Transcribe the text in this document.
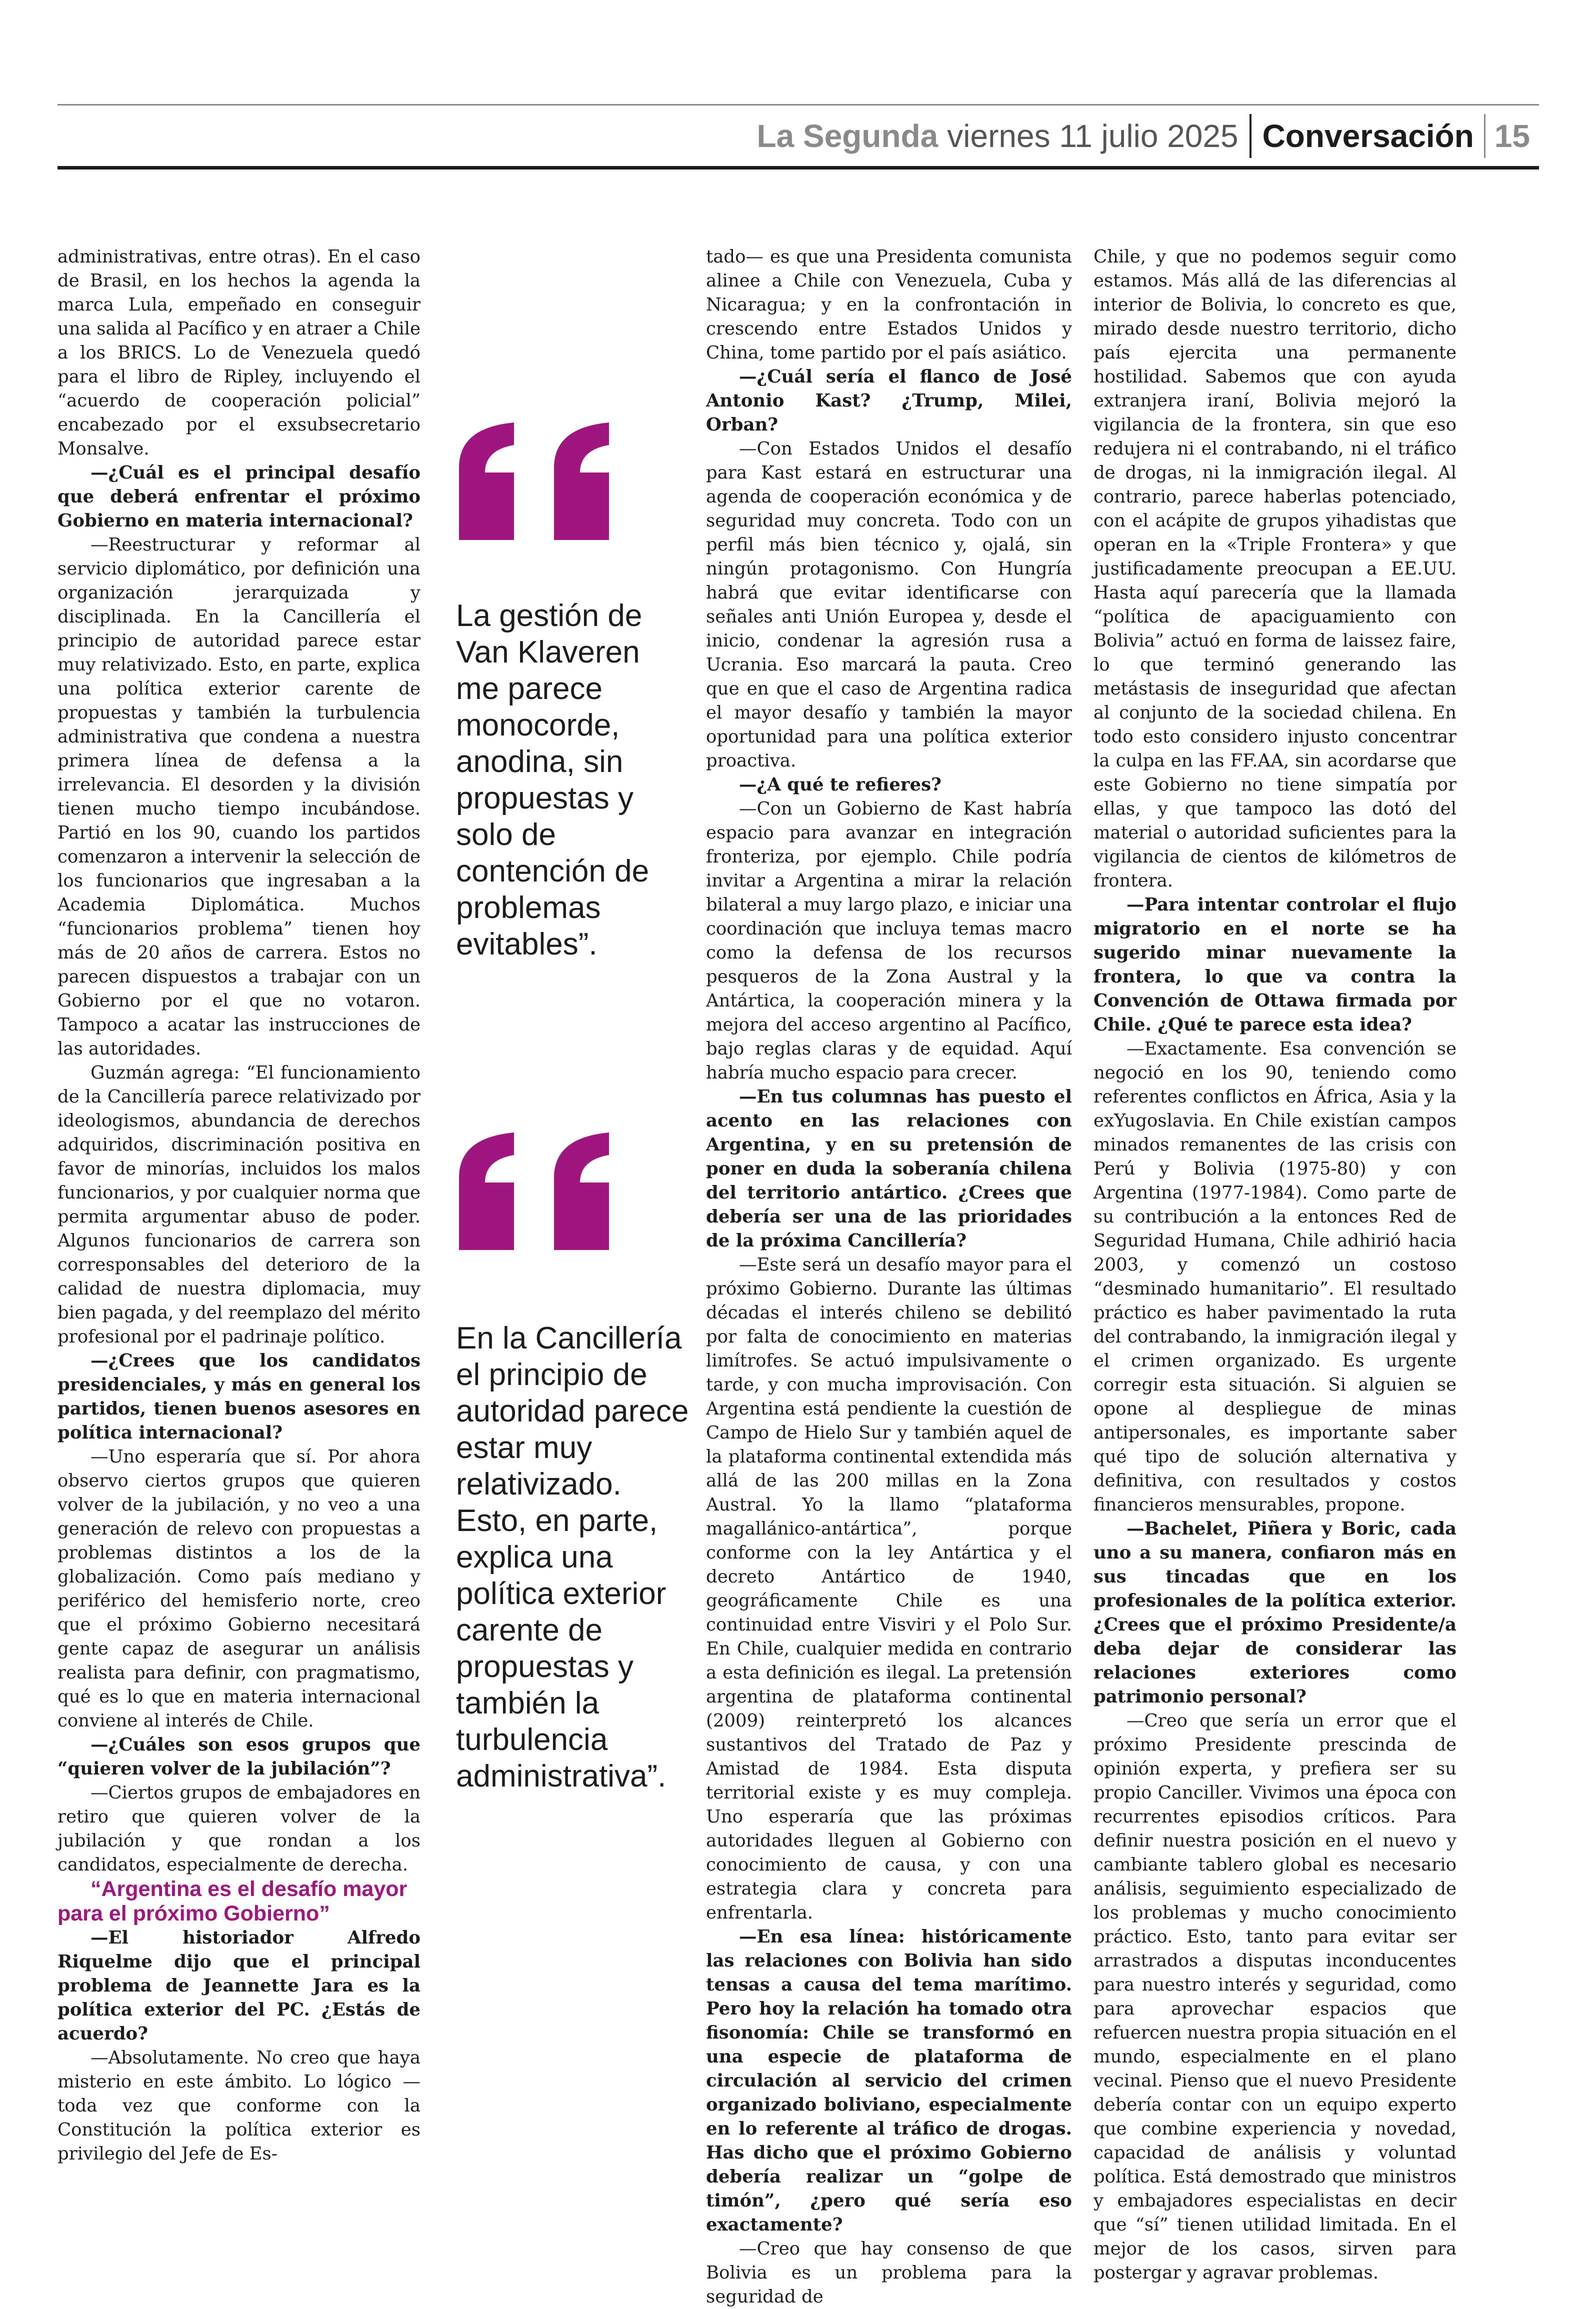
La Segunda viernes 11 julio 2025 Conversación 15

administrativas, entre otras). En el caso de Brasil, en los hechos la agenda la marca Lula, empeñado en conseguir una salida al Pacífico y en atraer a Chile a los BRICS. Lo de Venezuela quedó para el libro de Ripley, incluyendo el “acuerdo de cooperación policial” encabezado por el exsubsecretario Monsalve.

—¿Cuál es el principal desafío que deberá enfrentar el próximo Gobierno en materia internacional?

—Reestructurar y reformar al servicio diplomático, por definición una organización jerarquizada y disciplinada. En la Cancillería el principio de autoridad parece estar muy relativizado. Esto, en parte, explica una política exterior carente de propuestas y también la turbulencia administrativa que condena a nuestra primera línea de defensa a la irrelevancia. El desorden y la división tienen mucho tiempo incubándose. Partió en los 90, cuando los partidos comenzaron a intervenir la selección de los funcionarios que ingresaban a la Academia Diplomática. Muchos “funcionarios problema” tienen hoy más de 20 años de carrera. Estos no parecen dispuestos a trabajar con un Gobierno por el que no votaron. Tampoco a acatar las instrucciones de las autoridades.

Guzmán agrega: “El funcionamiento de la Cancillería parece relativizado por ideologismos, abundancia de derechos adquiridos, discriminación positiva en favor de minorías, incluidos los malos funcionarios, y por cualquier norma que permita argumentar abuso de poder. Algunos funcionarios de carrera son corresponsables del deterioro de la calidad de nuestra diplomacia, muy bien pagada, y del reemplazo del mérito profesional por el padrinaje político.

—¿Crees que los candidatos presidenciales, y más en general los partidos, tienen buenos asesores en política internacional?

—Uno esperaría que sí. Por ahora observo ciertos grupos que quieren volver de la jubilación, y no veo a una generación de relevo con propuestas a problemas distintos a los de la globalización. Como país mediano y periférico del hemisferio norte, creo que el próximo Gobierno necesitará gente capaz de asegurar un análisis realista para definir, con pragmatismo, qué es lo que en materia internacional conviene al interés de Chile.

—¿Cuáles son esos grupos que “quieren volver de la jubilación”?

—Ciertos grupos de embajadores en retiro que quieren volver de la jubilación y que rondan a los candidatos, especialmente de derecha.

“Argentina es el desafío mayor para el próximo Gobierno”

—El historiador Alfredo Riquelme dijo que el principal problema de Jeannette Jara es la política exterior del PC. ¿Estás de acuerdo?

—Absolutamente. No creo que haya misterio en este ámbito. Lo lógico —toda vez que conforme con la Constitución la política exterior es privilegio del Jefe de Es-

La gestión de Van Klaveren me parece monocorde, anodina, sin propuestas y solo de contención de problemas evitables”.
En la Cancillería el principio de autoridad parece estar muy relativizado. Esto, en parte, explica una política exterior carente de propuestas y también la turbulencia administrativa”.

tado— es que una Presidenta comunista alinee a Chile con Venezuela, Cuba y Nicaragua; y en la confrontación in crescendo entre Estados Unidos y China, tome partido por el país asiático.

—¿Cuál sería el flanco de José Antonio Kast? ¿Trump, Milei, Orban?

—Con Estados Unidos el desafío para Kast estará en estructurar una agenda de cooperación económica y de seguridad muy concreta. Todo con un perfil más bien técnico y, ojalá, sin ningún protagonismo. Con Hungría habrá que evitar identificarse con señales anti Unión Europea y, desde el inicio, condenar la agresión rusa a Ucrania. Eso marcará la pauta. Creo que en que el caso de Argentina radica el mayor desafío y también la mayor oportunidad para una política exterior proactiva.

—¿A qué te refieres?

—Con un Gobierno de Kast habría espacio para avanzar en integración fronteriza, por ejemplo. Chile podría invitar a Argentina a mirar la relación bilateral a muy largo plazo, e iniciar una coordinación que incluya temas macro como la defensa de los recursos pesqueros de la Zona Austral y la Antártica, la cooperación minera y la mejora del acceso argentino al Pacífico, bajo reglas claras y de equidad. Aquí habría mucho espacio para crecer.

—En tus columnas has puesto el acento en las relaciones con Argentina, y en su pretensión de poner en duda la soberanía chilena del territorio antártico. ¿Crees que debería ser una de las prioridades de la próxima Cancillería?

—Este será un desafío mayor para el próximo Gobierno. Durante las últimas décadas el interés chileno se debilitó por falta de conocimiento en materias limítrofes. Se actuó impulsivamente o tarde, y con mucha improvisación. Con Argentina está pendiente la cuestión de Campo de Hielo Sur y también aquel de la plataforma continental extendida más allá de las 200 millas en la Zona Austral. Yo la llamo “plataforma magallánico-antártica”, porque conforme con la ley Antártica y el decreto Antártico de 1940, geográficamente Chile es una continuidad entre Visviri y el Polo Sur. En Chile, cualquier medida en contrario a esta definición es ilegal. La pretensión argentina de plataforma continental (2009) reinterpretó los alcances sustantivos del Tratado de Paz y Amistad de 1984. Esta disputa territorial existe y es muy compleja. Uno esperaría que las próximas autoridades lleguen al Gobierno con conocimiento de causa, y con una estrategia clara y concreta para enfrentarla.

—En esa línea: históricamente las relaciones con Bolivia han sido tensas a causa del tema marítimo. Pero hoy la relación ha tomado otra fisonomía: Chile se transformó en una especie de plataforma de circulación al servicio del crimen organizado boliviano, especialmente en lo referente al tráfico de drogas. Has dicho que el próximo Gobierno debería realizar un “golpe de timón”, ¿pero qué sería eso exactamente?

—Creo que hay consenso de que Bolivia es un problema para la seguridad de

Chile, y que no podemos seguir como estamos. Más allá de las diferencias al interior de Bolivia, lo concreto es que, mirado desde nuestro territorio, dicho país ejercita una permanente hostilidad. Sabemos que con ayuda extranjera iraní, Bolivia mejoró la vigilancia de la frontera, sin que eso redujera ni el contrabando, ni el tráfico de drogas, ni la inmigración ilegal. Al contrario, parece haberlas potenciado, con el acápite de grupos yihadistas que operan en la «Triple Frontera» y que justificadamente preocupan a EE.UU. Hasta aquí parecería que la llamada “política de apaciguamiento con Bolivia” actuó en forma de laissez faire, lo que terminó generando las metástasis de inseguridad que afectan al conjunto de la sociedad chilena. En todo esto considero injusto concentrar la culpa en las FF.AA, sin acordarse que este Gobierno no tiene simpatía por ellas, y que tampoco las dotó del material o autoridad suficientes para la vigilancia de cientos de kilómetros de frontera.

—Para intentar controlar el flujo migratorio en el norte se ha sugerido minar nuevamente la frontera, lo que va contra la Convención de Ottawa firmada por Chile. ¿Qué te parece esta idea?

—Exactamente. Esa convención se negoció en los 90, teniendo como referentes conflictos en África, Asia y la exYugoslavia. En Chile existían campos minados remanentes de las crisis con Perú y Bolivia (1975-80) y con Argentina (1977-1984). Como parte de su contribución a la entonces Red de Seguridad Humana, Chile adhirió hacia 2003, y comenzó un costoso “desminado humanitario”. El resultado práctico es haber pavimentado la ruta del contrabando, la inmigración ilegal y el crimen organizado. Es urgente corregir esta situación. Si alguien se opone al despliegue de minas antipersonales, es importante saber qué tipo de solución alternativa y definitiva, con resultados y costos financieros mensurables, propone.

—Bachelet, Piñera y Boric, cada uno a su manera, confiaron más en sus tincadas que en los profesionales de la política exterior. ¿Crees que el próximo Presidente/a deba dejar de considerar las relaciones exteriores como patrimonio personal?

—Creo que sería un error que el próximo Presidente prescinda de opinión experta, y prefiera ser su propio Canciller. Vivimos una época con recurrentes episodios críticos. Para definir nuestra posición en el nuevo y cambiante tablero global es necesario análisis, seguimiento especializado de los problemas y mucho conocimiento práctico. Esto, tanto para evitar ser arrastrados a disputas inconducentes para nuestro interés y seguridad, como para aprovechar espacios que refuercen nuestra propia situación en el mundo, especialmente en el plano vecinal. Pienso que el nuevo Presidente debería contar con un equipo experto que combine experiencia y novedad, capacidad de análisis y voluntad política. Está demostrado que ministros y embajadores especialistas en decir que “sí” tienen utilidad limitada. En el mejor de los casos, sirven para postergar y agravar problemas.
